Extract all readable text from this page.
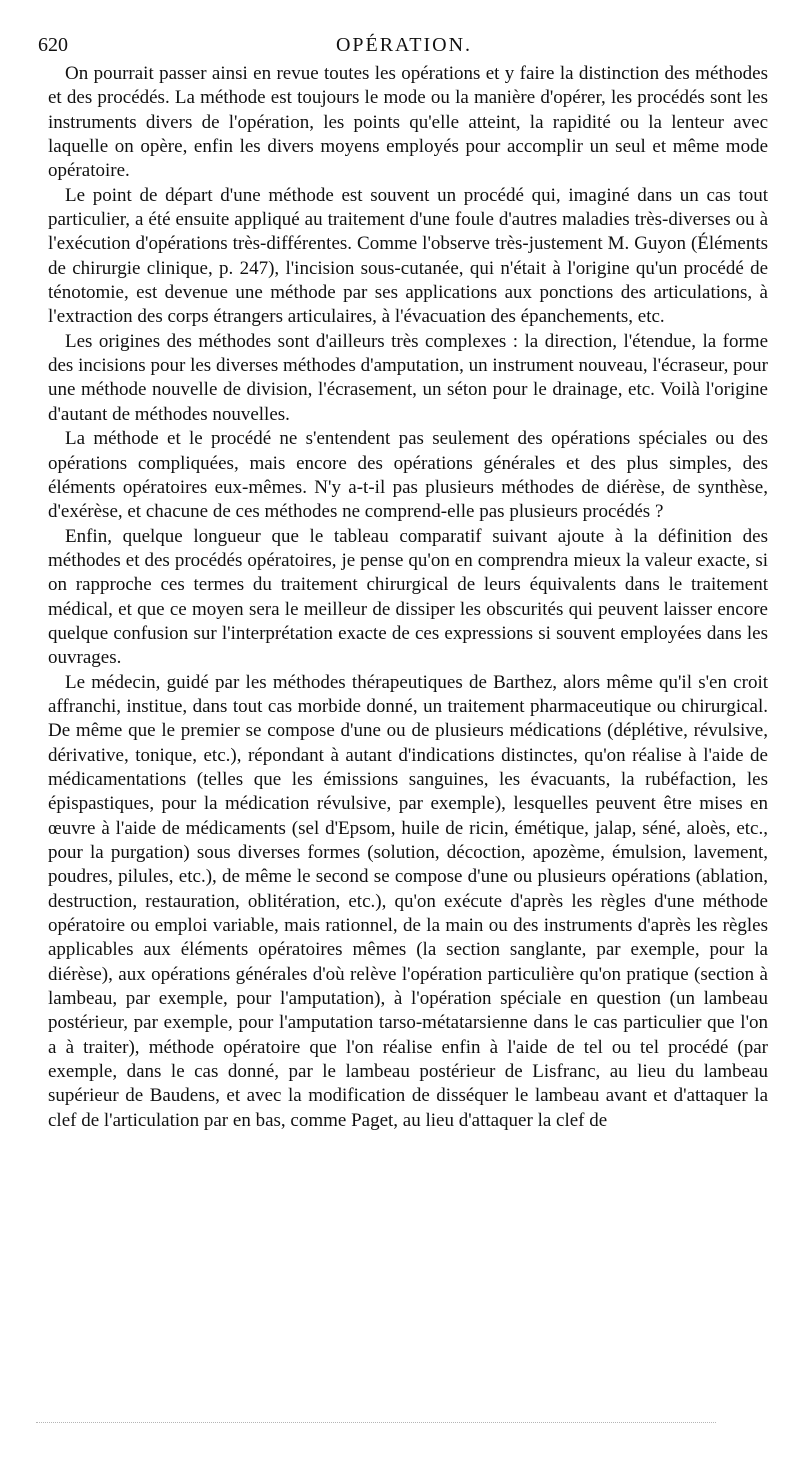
620	OPÉRATION.

On pourrait passer ainsi en revue toutes les opérations et y faire la distinction des méthodes et des procédés. La méthode est toujours le mode ou la manière d'opérer, les procédés sont les instruments divers de l'opération, les points qu'elle atteint, la rapidité ou la lenteur avec laquelle on opère, enfin les divers moyens employés pour accomplir un seul et même mode opératoire.

Le point de départ d'une méthode est souvent un procédé qui, imaginé dans un cas tout particulier, a été ensuite appliqué au traitement d'une foule d'autres maladies très-diverses ou à l'exécution d'opérations très-différentes. Comme l'observe très-justement M. Guyon (Éléments de chirurgie clinique, p. 247), l'incision sous-cutanée, qui n'était à l'origine qu'un procédé de ténotomie, est devenue une méthode par ses applications aux ponctions des articulations, à l'extraction des corps étrangers articulaires, à l'évacuation des épanchements, etc.

Les origines des méthodes sont d'ailleurs très complexes : la direction, l'étendue, la forme des incisions pour les diverses méthodes d'amputation, un instrument nouveau, l'écraseur, pour une méthode nouvelle de division, l'écrasement, un séton pour le drainage, etc. Voilà l'origine d'autant de méthodes nouvelles.

La méthode et le procédé ne s'entendent pas seulement des opérations spéciales ou des opérations compliquées, mais encore des opérations générales et des plus simples, des éléments opératoires eux-mêmes. N'y a-t-il pas plusieurs méthodes de diérèse, de synthèse, d'exérèse, et chacune de ces méthodes ne comprend-elle pas plusieurs procédés ?

Enfin, quelque longueur que le tableau comparatif suivant ajoute à la définition des méthodes et des procédés opératoires, je pense qu'on en comprendra mieux la valeur exacte, si on rapproche ces termes du traitement chirurgical de leurs équivalents dans le traitement médical, et que ce moyen sera le meilleur de dissiper les obscurités qui peuvent laisser encore quelque confusion sur l'interprétation exacte de ces expressions si souvent employées dans les ouvrages.

Le médecin, guidé par les méthodes thérapeutiques de Barthez, alors même qu'il s'en croit affranchi, institue, dans tout cas morbide donné, un traitement pharmaceutique ou chirurgical. De même que le premier se compose d'une ou de plusieurs médications (déplétive, révulsive, dérivative, tonique, etc.), répondant à autant d'indications distinctes, qu'on réalise à l'aide de médicamentations (telles que les émissions sanguines, les évacuants, la rubéfaction, les épispastiques, pour la médication révulsive, par exemple), lesquelles peuvent être mises en œuvre à l'aide de médicaments (sel d'Epsom, huile de ricin, émétique, jalap, séné, aloès, etc., pour la purgation) sous diverses formes (solution, décoction, apozème, émulsion, lavement, poudres, pilules, etc.), de même le second se compose d'une ou plusieurs opérations (ablation, destruction, restauration, oblitération, etc.), qu'on exécute d'après les règles d'une méthode opératoire ou emploi variable, mais rationnel, de la main ou des instruments d'après les règles applicables aux éléments opératoires mêmes (la section sanglante, par exemple, pour la diérèse), aux opérations générales d'où relève l'opération particulière qu'on pratique (section à lambeau, par exemple, pour l'amputation), à l'opération spéciale en question (un lambeau postérieur, par exemple, pour l'amputation tarso-métatarsienne dans le cas particulier que l'on a à traiter), méthode opératoire que l'on réalise enfin à l'aide de tel ou tel procédé (par exemple, dans le cas donné, par le lambeau postérieur de Lisfranc, au lieu du lambeau supérieur de Baudens, et avec la modification de disséquer le lambeau avant et d'attaquer la clef de l'articulation par en bas, comme Paget, au lieu d'attaquer la clef de
